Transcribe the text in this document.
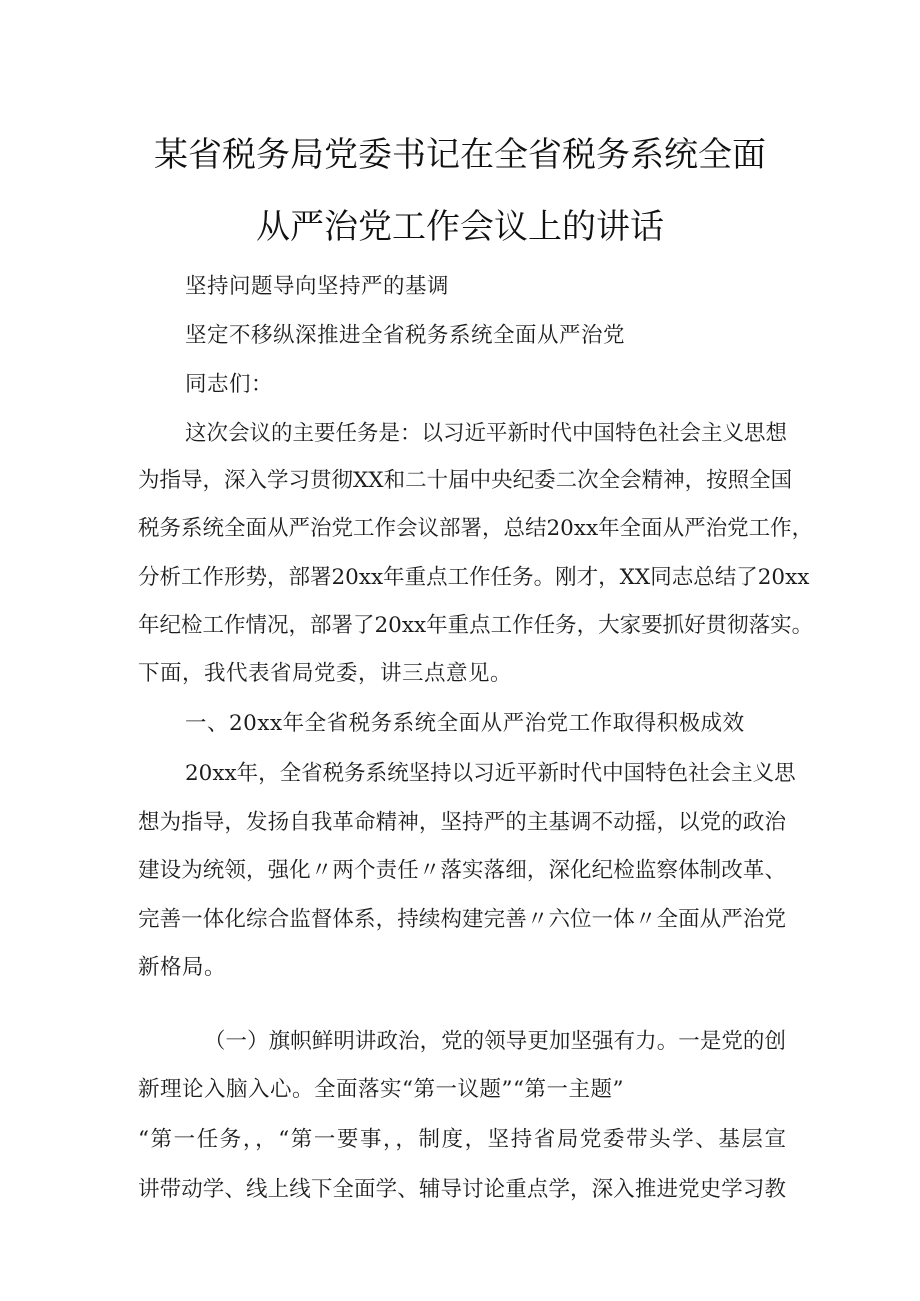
某省税务局党委书记在全省税务系统全面
从严治党工作会议上的讲话
坚持问题导向坚持严的基调
坚定不移纵深推进全省税务系统全面从严治党
同志们：
这次会议的主要任务是：以习近平新时代中国特色社会主义思想
为指导，深入学习贯彻XX和二十届中央纪委二次全会精神，按照全国
税务系统全面从严治党工作会议部署，总结20xx年全面从严治党工作，
分析工作形势，部署20xx年重点工作任务。刚才，XX同志总结了20xx
年纪检工作情况，部署了20xx年重点工作任务，大家要抓好贯彻落实。
下面，我代表省局党委，讲三点意见。
一、20xx年全省税务系统全面从严治党工作取得积极成效
20xx年，全省税务系统坚持以习近平新时代中国特色社会主义思
想为指导，发扬自我革命精神，坚持严的主基调不动摇，以党的政治
建设为统领，强化〃两个责任〃落实落细，深化纪检监察体制改革、
完善一体化综合监督体系，持续构建完善〃六位一体〃全面从严治党
新格局。
（一）旗帜鲜明讲政治，党的领导更加坚强有力。一是党的创
新理论入脑入心。全面落实“第一议题”“第一主题”
“第一任务，，“第一要事，，制度，坚持省局党委带头学、基层宣
讲带动学、线上线下全面学、辅导讨论重点学，深入推进党史学习教
